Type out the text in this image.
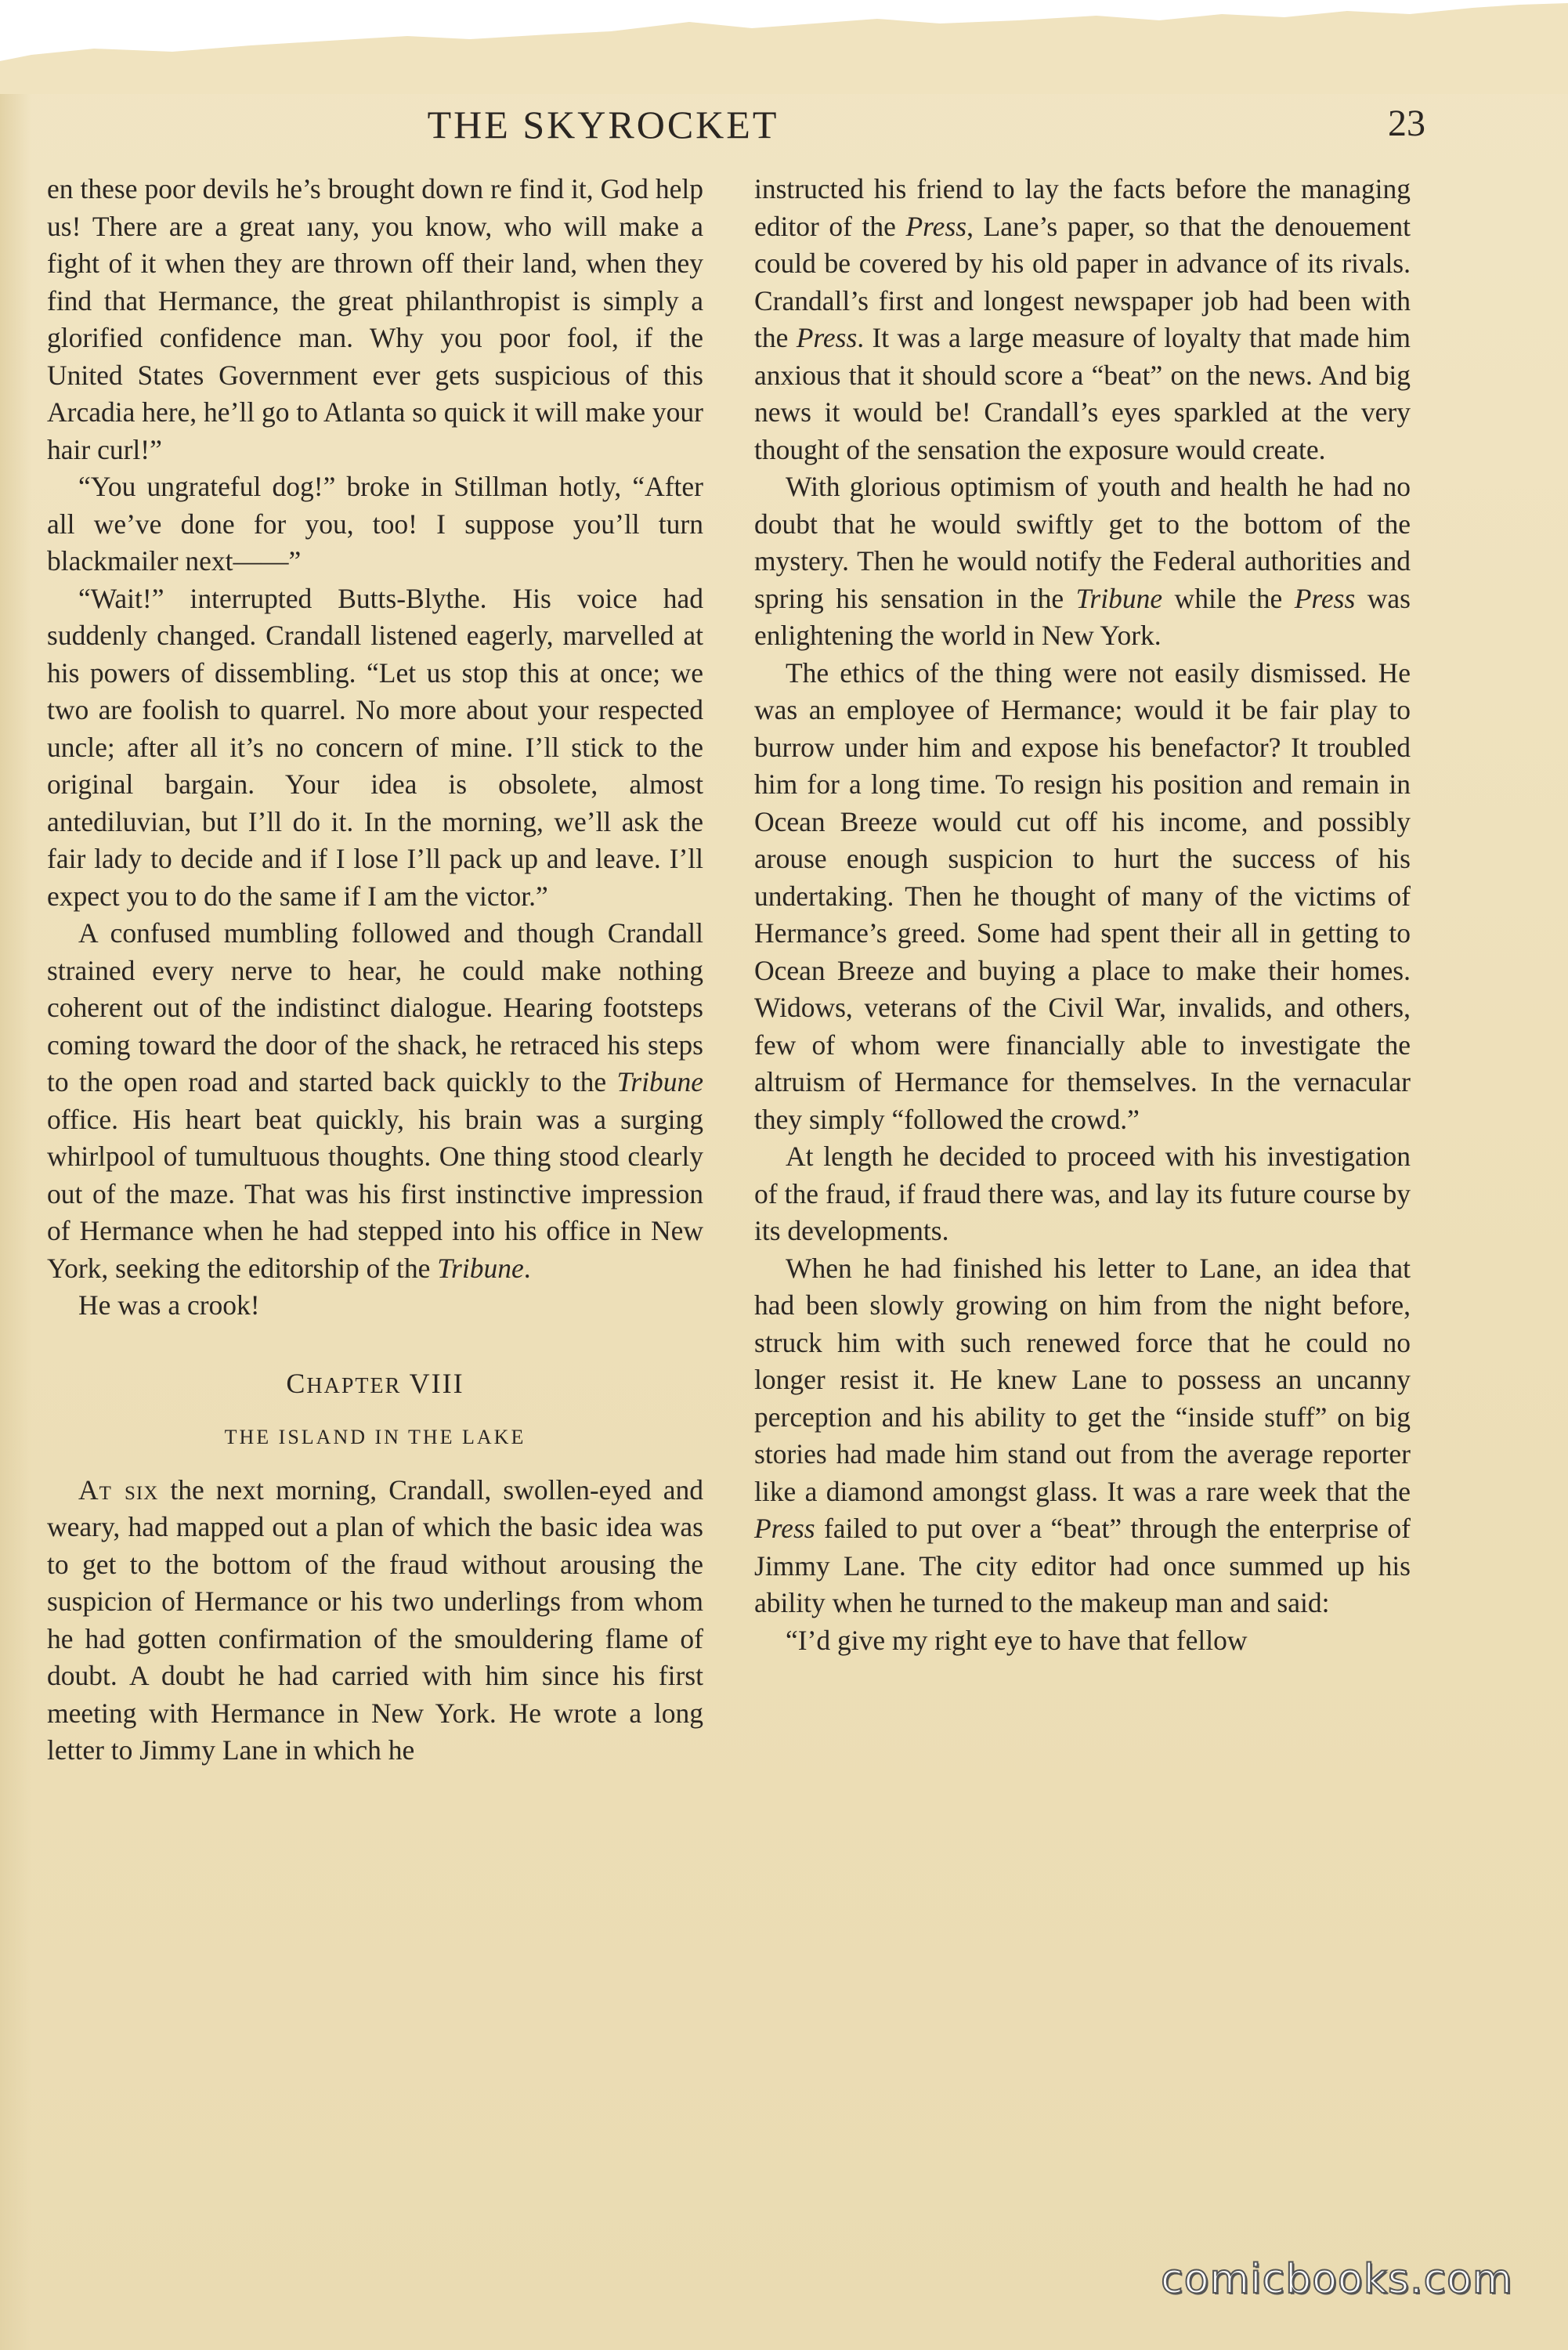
THE SKYROCKET	23

en these poor devils he’s brought down re find it, God help us! There are a great ıany, you know, who will make a fight of it when they are thrown off their land, when they find that Hermance, the great philanthropist is simply a glorified confidence man. Why you poor fool, if the United States Government ever gets suspicious of this Arcadia here, he’ll go to Atlanta so quick it will make your hair curl!”

“You ungrateful dog!” broke in Stillman hotly, “After all we’ve done for you, too! I suppose you’ll turn blackmailer next——”

“Wait!” interrupted Butts-Blythe. His voice had suddenly changed. Crandall listened eagerly, marvelled at his powers of dissembling. “Let us stop this at once; we two are foolish to quarrel. No more about your respected uncle; after all it’s no concern of mine. I’ll stick to the original bargain. Your idea is obsolete, almost antediluvian, but I’ll do it. In the morning, we’ll ask the fair lady to decide and if I lose I’ll pack up and leave. I’ll expect you to do the same if I am the victor.”

A confused mumbling followed and though Crandall strained every nerve to hear, he could make nothing coherent out of the indistinct dialogue. Hearing footsteps coming toward the door of the shack, he retraced his steps to the open road and started back quickly to the Tribune office. His heart beat quickly, his brain was a surging whirlpool of tumultuous thoughts. One thing stood clearly out of the maze. That was his first instinctive impression of Hermance when he had stepped into his office in New York, seeking the editorship of the Tribune.

He was a crook!

CHAPTER VIII
THE ISLAND IN THE LAKE

At six the next morning, Crandall, swollen-eyed and weary, had mapped out a plan of which the basic idea was to get to the bottom of the fraud without arousing the suspicion of Hermance or his two underlings from whom he had gotten confirmation of the smouldering flame of doubt. A doubt he had carried with him since his first meeting with Hermance in New York. He wrote a long letter to Jimmy Lane in which he

instructed his friend to lay the facts before the managing editor of the Press, Lane’s paper, so that the denouement could be covered by his old paper in advance of its rivals. Crandall’s first and longest newspaper job had been with the Press. It was a large measure of loyalty that made him anxious that it should score a “beat” on the news. And big news it would be! Crandall’s eyes sparkled at the very thought of the sensation the exposure would create.

With glorious optimism of youth and health he had no doubt that he would swiftly get to the bottom of the mystery. Then he would notify the Federal authorities and spring his sensation in the Tribune while the Press was enlightening the world in New York.

The ethics of the thing were not easily dismissed. He was an employee of Hermance; would it be fair play to burrow under him and expose his benefactor? It troubled him for a long time. To resign his position and remain in Ocean Breeze would cut off his income, and possibly arouse enough suspicion to hurt the success of his undertaking. Then he thought of many of the victims of Hermance’s greed. Some had spent their all in getting to Ocean Breeze and buying a place to make their homes. Widows, veterans of the Civil War, invalids, and others, few of whom were financially able to investigate the altruism of Hermance for themselves. In the vernacular they simply “followed the crowd.”

At length he decided to proceed with his investigation of the fraud, if fraud there was, and lay its future course by its developments.

When he had finished his letter to Lane, an idea that had been slowly growing on him from the night before, struck him with such renewed force that he could no longer resist it. He knew Lane to possess an uncanny perception and his ability to get the “inside stuff” on big stories had made him stand out from the average reporter like a diamond amongst glass. It was a rare week that the Press failed to put over a “beat” through the enterprise of Jimmy Lane. The city editor had once summed up his ability when he turned to the makeup man and said:

“I’d give my right eye to have that fellow

comicbooks.com
